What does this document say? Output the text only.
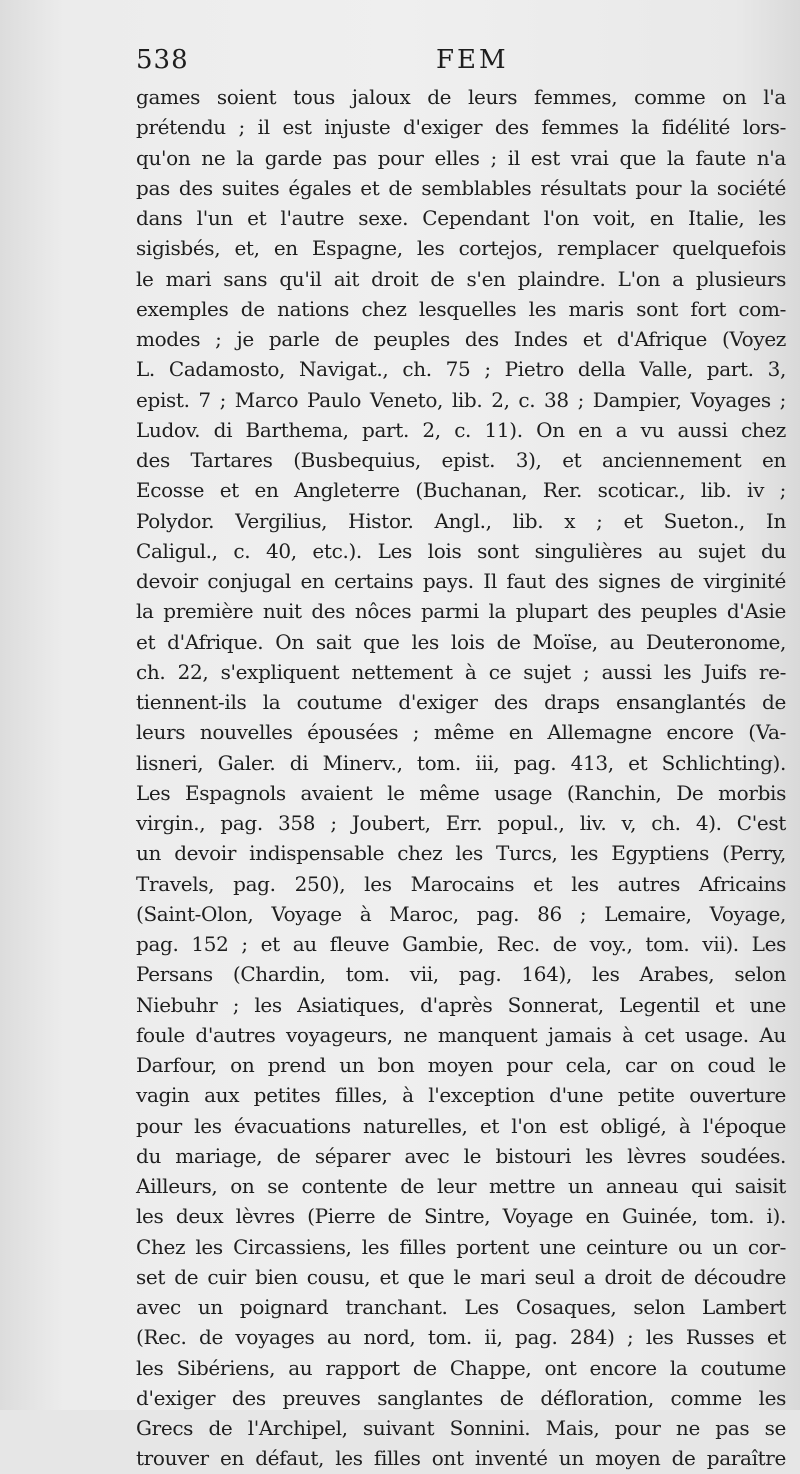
538	FEM
games soient tous jaloux de leurs femmes, comme on l'a
prétendu ; il est injuste d'exiger des femmes la fidélité lors-
qu'on ne la garde pas pour elles ; il est vrai que la faute n'a
pas des suites égales et de semblables résultats pour la société
dans l'un et l'autre sexe. Cependant l'on voit, en Italie, les
sigisbés, et, en Espagne, les cortejos, remplacer quelquefois
le mari sans qu'il ait droit de s'en plaindre. L'on a plusieurs
exemples de nations chez lesquelles les maris sont fort com-
modes ; je parle de peuples des Indes et d'Afrique (Voyez
L. Cadamosto, Navigat., ch. 75 ; Pietro della Valle, part. 3,
epist. 7 ; Marco Paulo Veneto, lib. 2, c. 38 ; Dampier, Voyages ;
Ludov. di Barthema, part. 2, c. 11). On en a vu aussi chez
des Tartares (Busbequius, epist. 3), et anciennement en
Ecosse et en Angleterre (Buchanan, Rer. scoticar., lib. iv ;
Polydor. Vergilius, Histor. Angl., lib. x ; et Sueton., In
Caligul., c. 40, etc.). Les lois sont singulières au sujet du
devoir conjugal en certains pays. Il faut des signes de virginité
la première nuit des nôces parmi la plupart des peuples d'Asie
et d'Afrique. On sait que les lois de Moïse, au Deuteronome,
ch. 22, s'expliquent nettement à ce sujet ; aussi les Juifs re-
tiennent-ils la coutume d'exiger des draps ensanglantés de
leurs nouvelles épousées ; même en Allemagne encore (Va-
lisneri, Galer. di Minerv., tom. iii, pag. 413, et Schlichting).
Les Espagnols avaient le même usage (Ranchin, De morbis
virgin., pag. 358 ; Joubert, Err. popul., liv. v, ch. 4). C'est
un devoir indispensable chez les Turcs, les Egyptiens (Perry,
Travels, pag. 250), les Marocains et les autres Africains
(Saint-Olon, Voyage à Maroc, pag. 86 ; Lemaire, Voyage,
pag. 152 ; et au fleuve Gambie, Rec. de voy., tom. vii). Les
Persans (Chardin, tom. vii, pag. 164), les Arabes, selon
Niebuhr ; les Asiatiques, d'après Sonnerat, Legentil et une
foule d'autres voyageurs, ne manquent jamais à cet usage. Au
Darfour, on prend un bon moyen pour cela, car on coud le
vagin aux petites filles, à l'exception d'une petite ouverture
pour les évacuations naturelles, et l'on est obligé, à l'époque
du mariage, de séparer avec le bistouri les lèvres soudées.
Ailleurs, on se contente de leur mettre un anneau qui saisit
les deux lèvres (Pierre de Sintre, Voyage en Guinée, tom. i).
Chez les Circassiens, les filles portent une ceinture ou un cor-
set de cuir bien cousu, et que le mari seul a droit de découdre
avec un poignard tranchant. Les Cosaques, selon Lambert
(Rec. de voyages au nord, tom. ii, pag. 284) ; les Russes et
les Sibériens, au rapport de Chappe, ont encore la coutume
d'exiger des preuves sanglantes de défloration, comme les
Grecs de l'Archipel, suivant Sonnini. Mais, pour ne pas se
trouver en défaut, les filles ont inventé un moyen de paraître
